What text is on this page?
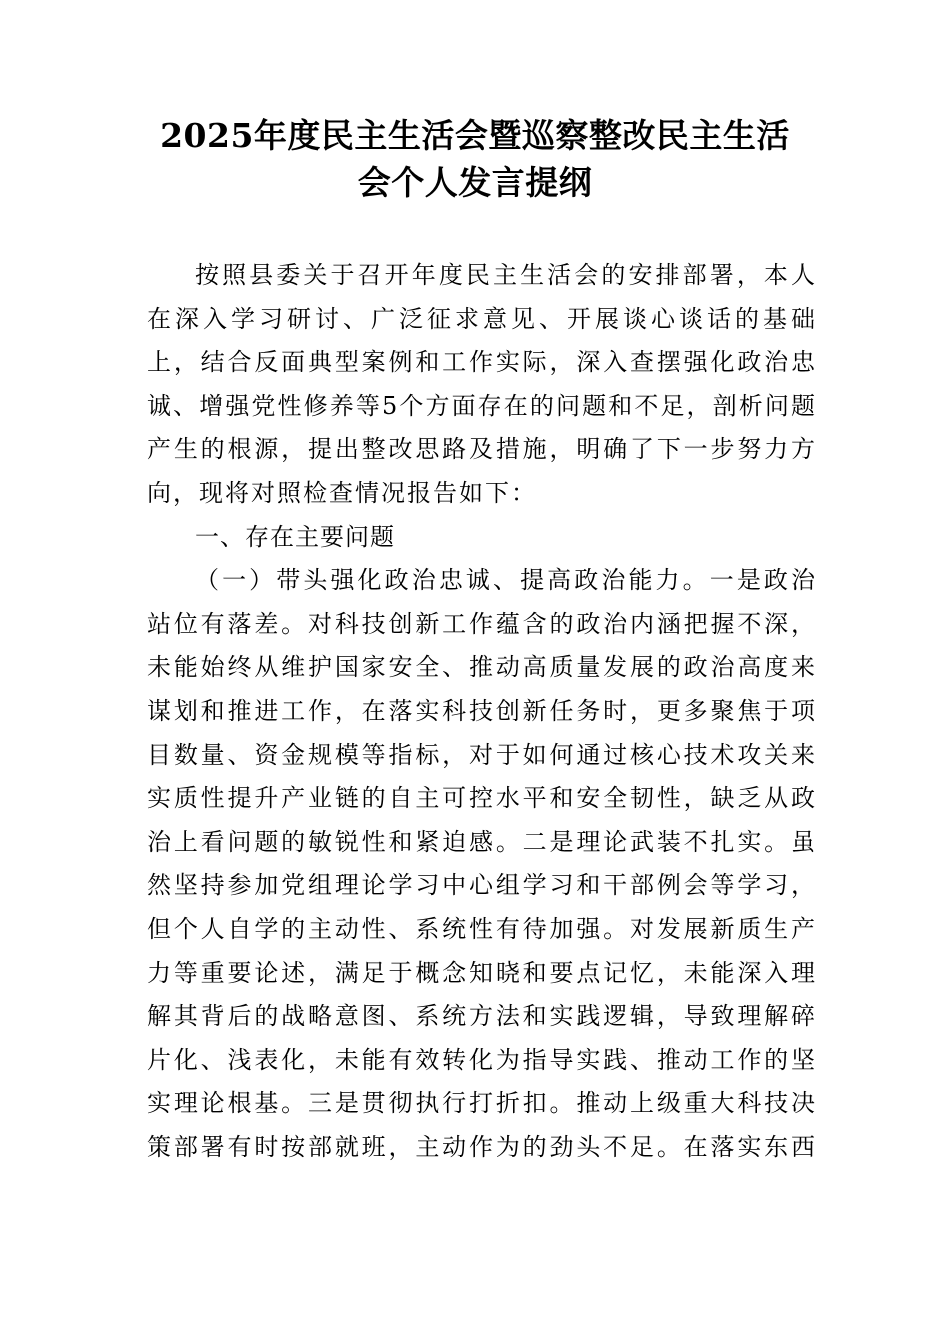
2025年度民主生活会暨巡察整改民主生活
会个人发言提纲
按照县委关于召开年度民主生活会的安排部署，本人
在深入学习研讨、广泛征求意见、开展谈心谈话的基础
上，结合反面典型案例和工作实际，深入查摆强化政治忠
诚、增强党性修养等5个方面存在的问题和不足，剖析问题
产生的根源，提出整改思路及措施，明确了下一步努力方
向，现将对照检查情况报告如下：
一、存在主要问题
（一）带头强化政治忠诚、提高政治能力。一是政治
站位有落差。对科技创新工作蕴含的政治内涵把握不深，
未能始终从维护国家安全、推动高质量发展的政治高度来
谋划和推进工作，在落实科技创新任务时，更多聚焦于项
目数量、资金规模等指标，对于如何通过核心技术攻关来
实质性提升产业链的自主可控水平和安全韧性，缺乏从政
治上看问题的敏锐性和紧迫感。二是理论武装不扎实。虽
然坚持参加党组理论学习中心组学习和干部例会等学习，
但个人自学的主动性、系统性有待加强。对发展新质生产
力等重要论述，满足于概念知晓和要点记忆，未能深入理
解其背后的战略意图、系统方法和实践逻辑，导致理解碎
片化、浅表化，未能有效转化为指导实践、推动工作的坚
实理论根基。三是贯彻执行打折扣。推动上级重大科技决
策部署有时按部就班，主动作为的劲头不足。在落实东西
